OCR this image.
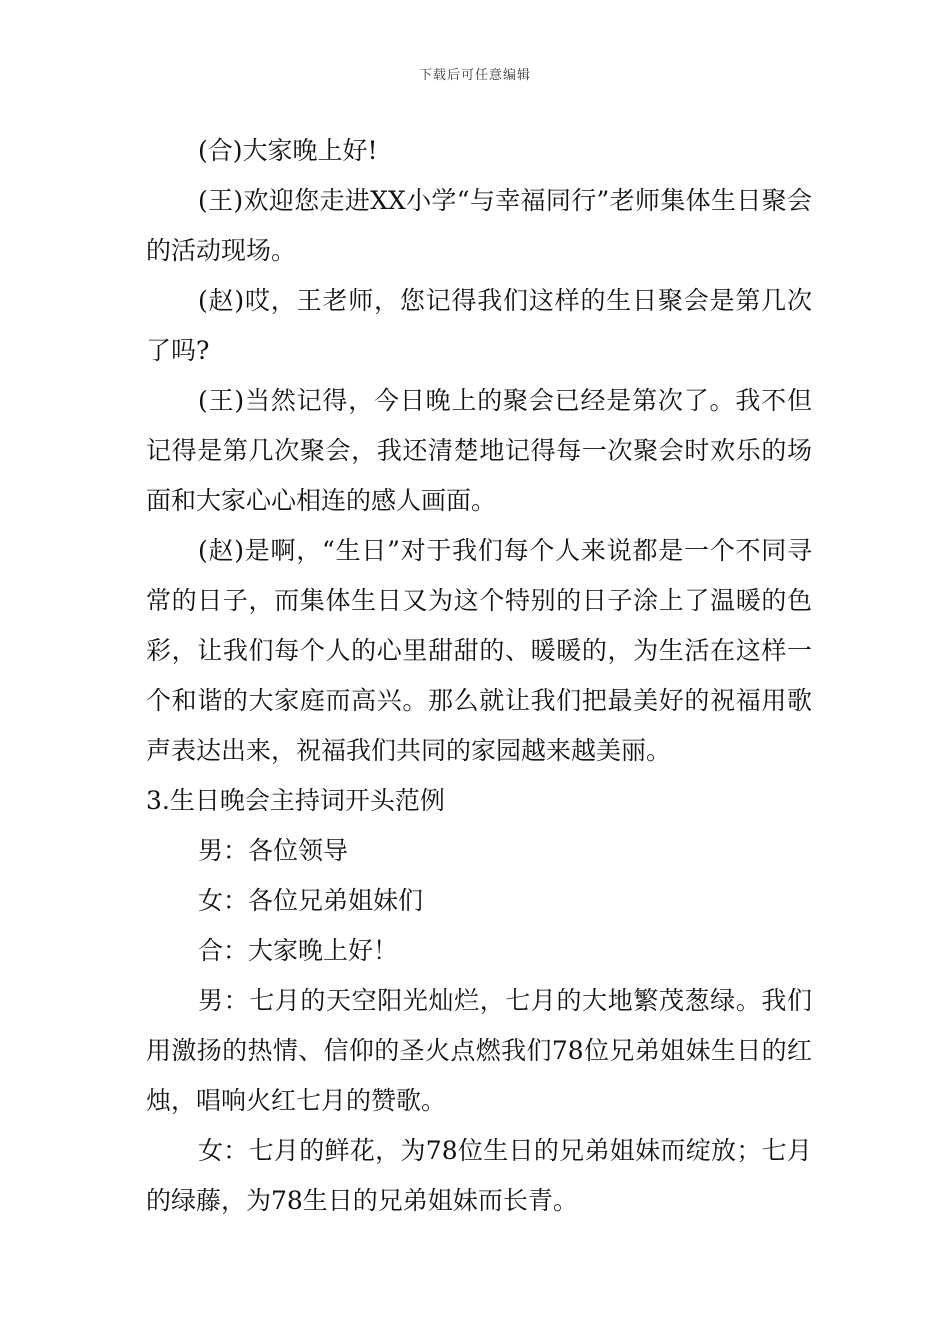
下载后可任意编辑

(合)大家晚上好!

(王)欢迎您走进XX小学“与幸福同行”老师集体生日聚会的活动现场。

(赵)哎，王老师，您记得我们这样的生日聚会是第几次了吗?

(王)当然记得，今日晚上的聚会已经是第次了。我不但记得是第几次聚会，我还清楚地记得每一次聚会时欢乐的场面和大家心心相连的感人画面。

(赵)是啊，“生日”对于我们每个人来说都是一个不同寻常的日子，而集体生日又为这个特别的日子涂上了温暖的色彩，让我们每个人的心里甜甜的、暖暖的，为生活在这样一个和谐的大家庭而高兴。那么就让我们把最美好的祝福用歌声表达出来，祝福我们共同的家园越来越美丽。

3.生日晚会主持词开头范例

男：各位领导

女：各位兄弟姐妹们

合：大家晚上好！

男：七月的天空阳光灿烂，七月的大地繁茂葱绿。我们用激扬的热情、信仰的圣火点燃我们78位兄弟姐妹生日的红烛，唱响火红七月的赞歌。

女：七月的鲜花，为78位生日的兄弟姐妹而绽放；七月的绿藤，为78生日的兄弟姐妹而长青。
